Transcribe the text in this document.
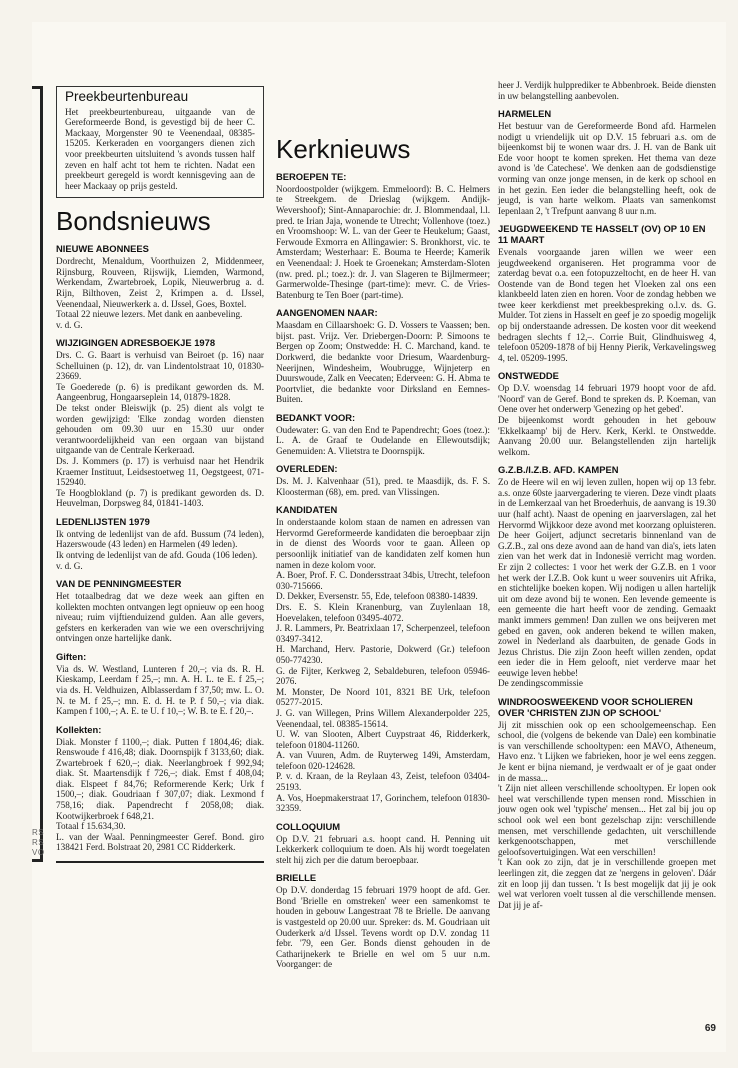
RS
RS
VO
Preekbeurtenbureau

Het preekbeurtenbureau, uitgaande van de Gereformeerde Bond, is gevestigd bij de heer C. Mackaay, Morgenster 90 te Veenendaal, 08385-15205. Kerkeraden en voorgangers dienen zich voor preekbeurten uitsluitend 's avonds tussen half zeven en half acht tot hem te richten. Nadat een preekbeurt geregeld is wordt kennisgeving aan de heer Mackaay op prijs gesteld.

Bondsnieuws
NIEUWE ABONNEES

Dordrecht, Menaldum, Voorthuizen 2, Middenmeer, Rijnsburg, Rouveen, Rijswijk, Liemden, Warmond, Werkendam, Zwartebroek, Lopik, Nieuwerbrug a. d. Rijn, Bilthoven, Zeist 2, Krimpen a. d. IJssel, Veenendaal, Nieuwerkerk a. d. IJssel, Goes, Boxtel.

Totaal 22 nieuwe lezers. Met dank en aanbeveling.

v. d. G.

WIJZIGINGEN ADRESBOEKJE 1978

Drs. C. G. Baart is verhuisd van Beiroet (p. 16) naar Schelluinen (p. 12), dr. van Lindentolstraat 10, 01830-23669.

Te Goederede (p. 6) is predikant geworden ds. M. Aangeenbrug, Hongaarseplein 14, 01879-1828.

De tekst onder Bleiswijk (p. 25) dient als volgt te worden gewijzigd: 'Elke zondag worden diensten gehouden om 09.30 uur en 15.30 uur onder verantwoordelijkheid van een orgaan van bijstand uitgaande van de Centrale Kerkeraad.

Ds. J. Kommers (p. 17) is verhuisd naar het Hendrik Kraemer Instituut, Leidsestoetweg 11, Oegstgeest, 071-152940.

Te Hoogblokland (p. 7) is predikant geworden ds. D. Heuvelman, Dorpsweg 84, 01841-1403.

LEDENLIJSTEN 1979

Ik ontving de ledenlijst van de afd. Bussum (74 leden), Hazerswoude (43 leden) en Harmelen (49 leden).

Ik ontving de ledenlijst van de afd. Gouda (106 leden).

v. d. G.

VAN DE PENNINGMEESTER

Het totaalbedrag dat we deze week aan giften en kollekten mochten ontvangen legt opnieuw op een hoog niveau; ruim vijftienduizend gulden. Aan alle gevers, gefsters en kerkeraden van wie we een overschrijving ontvingen onze hartelijke dank.

Giften:

Via ds. W. Westland, Lunteren f 20,–; via ds. R. H. Kieskamp, Leerdam f 25,–; mn. A. H. L. te E. f 25,–; via ds. H. Veldhuizen, Alblasserdam f 37,50; mw. L. O. N. te M. f 25,–; mn. E. d. H. te P. f 50,–; via diak. Kampen f 100,–; A. E. te U. f 10,–; W. B. te E. f 20,–.

Kollekten:

Diak. Monster f 1100,–; diak. Putten f 1804,46; diak. Renswoude f 416,48; diak. Doornspijk f 3133,60; diak. Zwartebroek f 620,–; diak. Neerlangbroek f 992,94; diak. St. Maartensdijk f 726,–; diak. Emst f 408,04; diak. Elspeet f 84,76; Reformerende Kerk; Urk f 1500,–; diak. Goudriaan f 307,07; diak. Lexmond f 758,16; diak. Papendrecht f 2058,08; diak. Kootwijkerbroek f 648,21.

Totaal f 15.634,30.

L. van der Waal. Penningmeester Geref. Bond. giro 138421 Ferd. Bolstraat 20, 2981 CC Ridderkerk.

Kerknieuws
BEROEPEN TE:

Noordoostpolder (wijkgem. Emmeloord): B. C. Helmers te Streekgem. de Drieslag (wijkgem. Andijk-Wevershoof); Sint-Annaparochie: dr. J. Blommendaal, l.l. pred. te Irian Jaja, wonende te Utrecht; Vollenhove (toez.) en Vroomshoop: W. L. van der Geer te Heukelum; Gaast, Ferwoude Exmorra en Allingawier: S. Bronkhorst, vic. te Amsterdam; Westerhaar: E. Bouma te Heerde; Kamerik en Veenendaal: J. Hoek te Groenekan; Amsterdam-Sloten (nw. pred. pl.; toez.): dr. J. van Slageren te Bijlmermeer; Garmerwolde-Thesinge (part-time): mevr. C. de Vries-Batenburg te Ten Boer (part-time).

AANGENOMEN NAAR:

Maasdam en Cillaarshoek: G. D. Vossers te Vaassen; ben. bijst. past. Vrijz. Ver. Driebergen-Doorn: P. Simoons te Bergen op Zoom; Onstwedde: H. C. Marchand, kand. te Dorkwerd, die bedankte voor Driesum, Waardenburg-Neerijnen, Windesheim, Woubrugge, Wijnjeterp en Duurswoude, Zalk en Veecaten; Ederveen: G. H. Abma te Poortvliet, die bedankte voor Dirksland en Eemnes-Buiten.

BEDANKT VOOR:

Oudewater: G. van den End te Papendrecht; Goes (toez.): L. A. de Graaf te Oudelande en Ellewoutsdijk; Genemuiden: A. Vlietstra te Doornspijk.

OVERLEDEN:

Ds. M. J. Kalvenhaar (51), pred. te Maasdijk, ds. F. S. Kloosterman (68), em. pred. van Vlissingen.

KANDIDATEN

In onderstaande kolom staan de namen en adressen van Hervormd Gereformeerde kandidaten die beroepbaar zijn in de dienst des Woords voor te gaan. Alleen op persoonlijk initiatief van de kandidaten zelf komen hun namen in deze kolom voor.

A. Boer, Prof. F. C. Dondersstraat 34bis, Utrecht, telefoon 030-715666.

D. Dekker, Eversenstr. 55, Ede, telefoon 08380-14839.

Drs. E. S. Klein Kranenburg, van Zuylenlaan 18, Hoevelaken, telefoon 03495-4072.

J. R. Lammers, Pr. Beatrixlaan 17, Scherpenzeel, telefoon 03497-3412.

H. Marchand, Herv. Pastorie, Dokwerd (Gr.) telefoon 050-774230.

G. de Fijter, Kerkweg 2, Sebaldeburen, telefoon 05946-2076.

M. Monster, De Noord 101, 8321 BE Urk, telefoon 05277-2015.

J. G. van Willegen, Prins Willem Alexanderpolder 225, Veenendaal, tel. 08385-15614.

U. W. van Slooten, Albert Cuypstraat 46, Ridderkerk, telefoon 01804-11260.

A. van Vuuren, Adm. de Ruyterweg 149i, Amsterdam, telefoon 020-124628.

P. v. d. Kraan, de la Reylaan 43, Zeist, telefoon 03404-25193.

A. Vos, Hoepmakerstraat 17, Gorinchem, telefoon 01830-32359.

COLLOQUIUM

Op D.V. 21 februari a.s. hoopt cand. H. Penning uit Lekkerkerk colloquium te doen. Als hij wordt toegelaten stelt hij zich per die datum beroepbaar.

BRIELLE

Op D.V. donderdag 15 februari 1979 hoopt de afd. Ger. Bond 'Brielle en omstreken' weer een samenkomst te houden in gebouw Langestraat 78 te Brielle. De aanvang is vastgesteld op 20.00 uur. Spreker: ds. M. Goudriaan uit Ouderkerk a/d IJssel. Tevens wordt op D.V. zondag 11 febr. '79, een Ger. Bonds dienst gehouden in de Catharijnekerk te Brielle en wel om 5 uur n.m. Voorganger: de

heer J. Verdijk hulpprediker te Abbenbroek. Beide diensten in uw belangstelling aanbevolen.

HARMELEN

Het bestuur van de Gereformeerde Bond afd. Harmelen nodigt u vriendelijk uit op D.V. 15 februari a.s. om de bijeenkomst bij te wonen waar drs. J. H. van de Bank uit Ede voor hoopt te komen spreken. Het thema van deze avond is 'de Catechese'. We denken aan de godsdienstige vorming van onze jonge mensen, in de kerk op school en in het gezin. Een ieder die belangstelling heeft, ook de jeugd, is van harte welkom. Plaats van samenkomst Iepenlaan 2, 't Trefpunt aanvang 8 uur n.m.

JEUGDWEEKEND TE HASSELT (OV) OP 10 EN 11 MAART

Evenals voorgaande jaren willen we weer een jeugdweekend organiseren. Het programma voor de zaterdag bevat o.a. een fotopuzzeltocht, en de heer H. van Oostende van de Bond tegen het Vloeken zal ons een klankbeeld laten zien en horen. Voor de zondag hebben we twee keer kerkdienst met preekbespreking o.l.v. ds. G. Mulder. Tot ziens in Hasselt en geef je zo spoedig mogelijk op bij onderstaande adressen. De kosten voor dit weekend bedragen slechts f 12,–. Corrie Buit, Glindhuisweg 4, telefoon 05209-1878 of bij Henny Pierik, Verkavelingsweg 4, tel. 05209-1995.

ONSTWEDDE

Op D.V. woensdag 14 februari 1979 hoopt voor de afd. 'Noord' van de Geref. Bond te spreken ds. P. Koeman, van Oene over het onderwerp 'Genezing op het gebed'.

De bijeenkomst wordt gehouden in het gebouw 'Ekkelkaamp' bij de Herv. Kerk, Kerkl. te Onstwedde. Aanvang 20.00 uur. Belangstellenden zijn hartelijk welkom.

G.Z.B./I.Z.B. AFD. KAMPEN

Zo de Heere wil en wij leven zullen, hopen wij op 13 febr. a.s. onze 60ste jaarvergadering te vieren. Deze vindt plaats in de Lemkerzaal van het Broederhuis, de aanvang is 19.30 uur (half acht). Naast de opening en jaarverslagen, zal het Hervormd Wijkkoor deze avond met koorzang opluisteren. De heer Goijert, adjunct secretaris binnenland van de G.Z.B., zal ons deze avond aan de hand van dia's, iets laten zien van het werk dat in Indonesië verricht mag worden. Er zijn 2 collectes: 1 voor het werk der G.Z.B. en 1 voor het werk der I.Z.B. Ook kunt u weer souvenirs uit Afrika, en stichtelijke boeken kopen. Wij nodigen u allen hartelijk uit om deze avond bij te wonen. Een levende gemeente is een gemeente die hart heeft voor de zending. Gemaakt mankt immers gemmen! Dan zullen we ons beijveren met gebed en gaven, ook anderen bekend te willen maken, zowel in Nederland als daarbuiten, de genade Gods in Jezus Christus. Die zijn Zoon heeft willen zenden, opdat een ieder die in Hem gelooft, niet verderve maar het eeuwige leven hebbe!

De zendingscommissie

WINDROOSWEEKEND VOOR SCHOLIEREN OVER 'CHRISTEN ZIJN OP SCHOOL'

Jij zit misschien ook op een schoolgemeenschap. Een school, die (volgens de bekende van Dale) een kombinatie is van verschillende schooltypen: een MAVO, Atheneum, Havo enz. 't Lijken we fabrieken, hoor je wel eens zeggen. Je kent er bijna niemand, je verdwaalt er of je gaat onder in de massa...

't Zijn niet alleen verschillende schooltypen. Er lopen ook heel wat verschillende typen mensen rond. Misschien in jouw ogen ook wel 'typische' mensen... Het zal bij jou op school ook wel een bont gezelschap zijn: verschillende mensen, met verschillende gedachten, uit verschillende kerkgenootschappen, met verschillende geloofsovertuigingen. Wat een verschillen!

't Kan ook zo zijn, dat je in verschillende groepen met leerlingen zit, die zeggen dat ze 'nergens in geloven'. Dáár zit en loop jij dan tussen. 't Is best mogelijk dat jij je ook wel wat verloren voelt tussen al die verschillende mensen. Dat jij je af-

69
